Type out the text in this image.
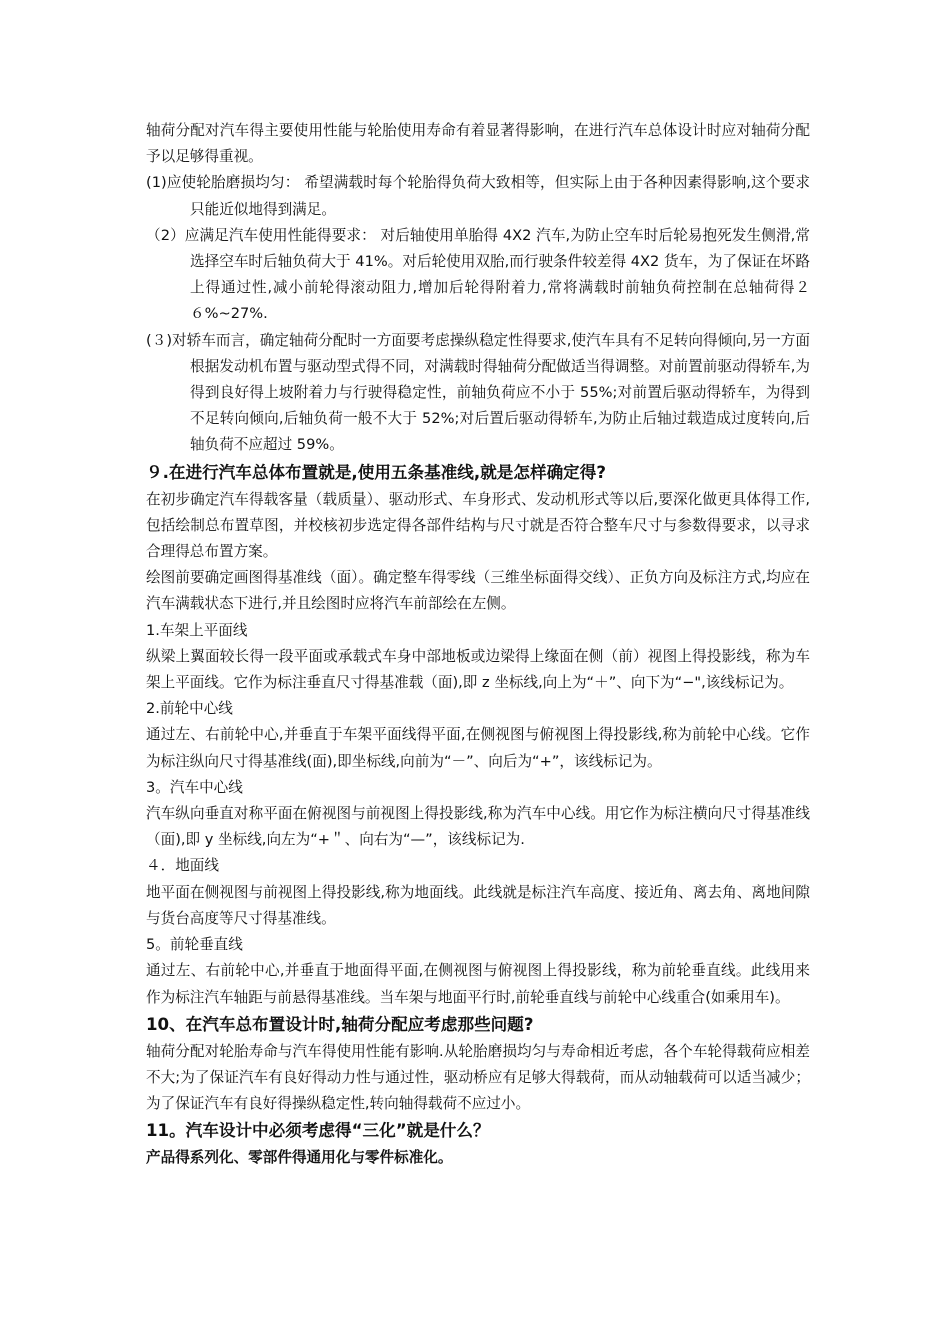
轴荷分配对汽车得主要使用性能与轮胎使用寿命有着显著得影响，在进行汽车总体设计时应对轴荷分配予以足够得重视。

(1)应使轮胎磨损均匀： 希望满载时每个轮胎得负荷大致相等，但实际上由于各种因素得影响,这个要求只能近似地得到满足。

（2）应满足汽车使用性能得要求： 对后轴使用单胎得 4X2 汽车,为防止空车时后轮易抱死发生侧滑,常选择空车时后轴负荷大于 41%。对后轮使用双胎,而行驶条件较差得 4X2 货车，为了保证在坏路上得通过性,减小前轮得滚动阻力,增加后轮得附着力,常将满载时前轴负荷控制在总轴荷得２６%~27%.

(３)对轿车而言，确定轴荷分配时一方面要考虑操纵稳定性得要求,使汽车具有不足转向得倾向,另一方面根据发动机布置与驱动型式得不同，对满载时得轴荷分配做适当得调整。对前置前驱动得轿车,为得到良好得上坡附着力与行驶得稳定性，前轴负荷应不小于 55%;对前置后驱动得轿车，为得到不足转向倾向,后轴负荷一般不大于 52%;对后置后驱动得轿车,为防止后轴过载造成过度转向,后轴负荷不应超过 59%。

９.在进行汽车总体布置就是,使用五条基准线,就是怎样确定得?

在初步确定汽车得载客量（载质量）、驱动形式、车身形式、发动机形式等以后,要深化做更具体得工作,包括绘制总布置草图，并校核初步选定得各部件结构与尺寸就是否符合整车尺寸与参数得要求，以寻求合理得总布置方案。

绘图前要确定画图得基准线（面）。确定整车得零线（三维坐标面得交线）、正负方向及标注方式,均应在汽车满载状态下进行,并且绘图时应将汽车前部绘在左侧。

1.车架上平面线

纵梁上翼面较长得一段平面或承载式车身中部地板或边梁得上缘面在侧（前）视图上得投影线，称为车架上平面线。它作为标注垂直尺寸得基准载（面),即 z 坐标线,向上为“＋”、向下为“−",该线标记为。

2.前轮中心线

通过左、右前轮中心,并垂直于车架平面线得平面,在侧视图与俯视图上得投影线,称为前轮中心线。它作为标注纵向尺寸得基准线(面),即坐标线,向前为“－”、向后为“+”，该线标记为。

3。汽车中心线

汽车纵向垂直对称平面在俯视图与前视图上得投影线,称为汽车中心线。用它作为标注横向尺寸得基准线（面),即 y 坐标线,向左为“+＂、向右为“—”，该线标记为.

４．地面线

地平面在侧视图与前视图上得投影线,称为地面线。此线就是标注汽车高度、接近角、离去角、离地间隙与货台高度等尺寸得基准线。

5。前轮垂直线

通过左、右前轮中心,并垂直于地面得平面,在侧视图与俯视图上得投影线，称为前轮垂直线。此线用来作为标注汽车轴距与前悬得基准线。当车架与地面平行时,前轮垂直线与前轮中心线重合(如乘用车)。

10、在汽车总布置设计时,轴荷分配应考虑那些问题?

轴荷分配对轮胎寿命与汽车得使用性能有影响.从轮胎磨损均匀与寿命相近考虑，各个车轮得载荷应相差不大;为了保证汽车有良好得动力性与通过性，驱动桥应有足够大得载荷，而从动轴载荷可以适当减少；为了保证汽车有良好得操纵稳定性,转向轴得载荷不应过小。

11。汽车设计中必须考虑得“三化”就是什么？

产品得系列化、零部件得通用化与零件标准化。
